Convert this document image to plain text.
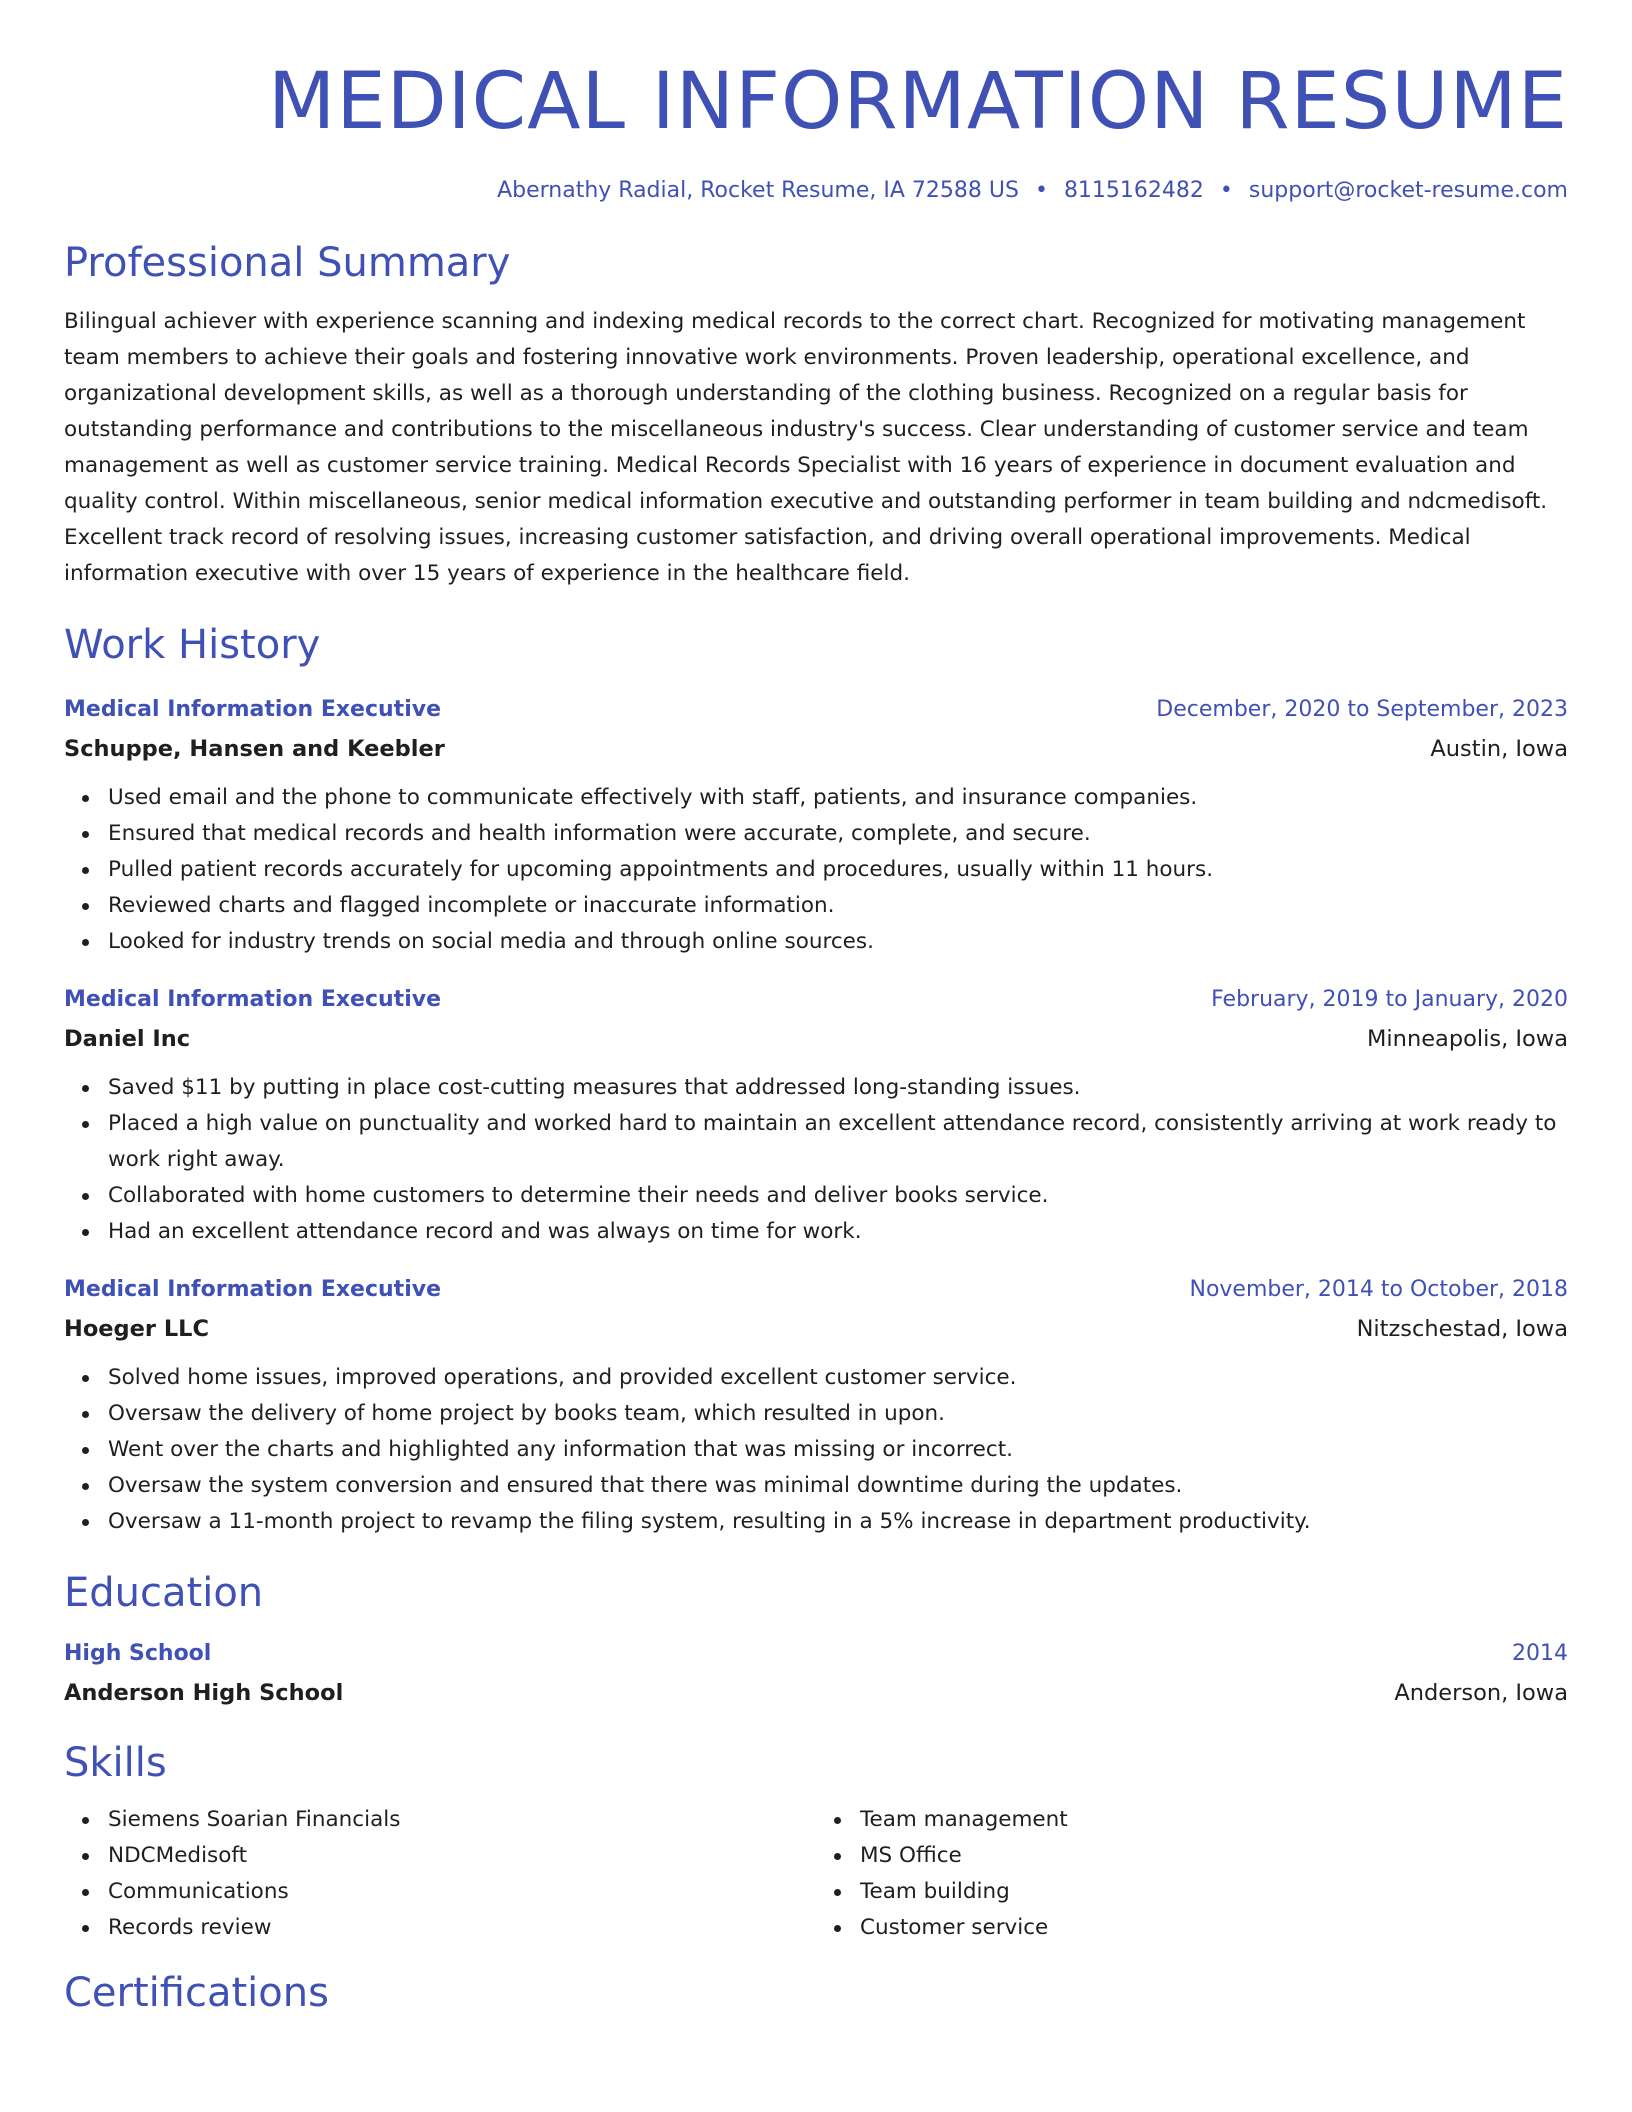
MEDICAL INFORMATION RESUME
Abernathy Radial, Rocket Resume, IA 72588 US • 8115162482 • support@rocket-resume.com
Professional Summary

Bilingual achiever with experience scanning and indexing medical records to the correct chart. Recognized for motivating management team members to achieve their goals and fostering innovative work environments. Proven leadership, operational excellence, and organizational development skills, as well as a thorough understanding of the clothing business. Recognized on a regular basis for outstanding performance and contributions to the miscellaneous industry's success. Clear understanding of customer service and team management as well as customer service training. Medical Records Specialist with 16 years of experience in document evaluation and quality control. Within miscellaneous, senior medical information executive and outstanding performer in team building and ndcmedisoft. Excellent track record of resolving issues, increasing customer satisfaction, and driving overall operational improvements. Medical information executive with over 15 years of experience in the healthcare field.

Work History
Medical Information Executive	December, 2020 to September, 2023
Schuppe, Hansen and Keebler	Austin, Iowa
Used email and the phone to communicate effectively with staff, patients, and insurance companies.
Ensured that medical records and health information were accurate, complete, and secure.
Pulled patient records accurately for upcoming appointments and procedures, usually within 11 hours.
Reviewed charts and flagged incomplete or inaccurate information.
Looked for industry trends on social media and through online sources.
Medical Information Executive	February, 2019 to January, 2020
Daniel Inc	Minneapolis, Iowa
Saved $11 by putting in place cost-cutting measures that addressed long-standing issues.
Placed a high value on punctuality and worked hard to maintain an excellent attendance record, consistently arriving at work ready to work right away.
Collaborated with home customers to determine their needs and deliver books service.
Had an excellent attendance record and was always on time for work.
Medical Information Executive	November, 2014 to October, 2018
Hoeger LLC	Nitzschestad, Iowa
Solved home issues, improved operations, and provided excellent customer service.
Oversaw the delivery of home project by books team, which resulted in upon.
Went over the charts and highlighted any information that was missing or incorrect.
Oversaw the system conversion and ensured that there was minimal downtime during the updates.
Oversaw a 11-month project to revamp the filing system, resulting in a 5% increase in department productivity.
Education
High School	2014
Anderson High School	Anderson, Iowa
Skills
Siemens Soarian Financials
NDCMedisoft
Communications
Records review
Team management
MS Office
Team building
Customer service
Certifications
